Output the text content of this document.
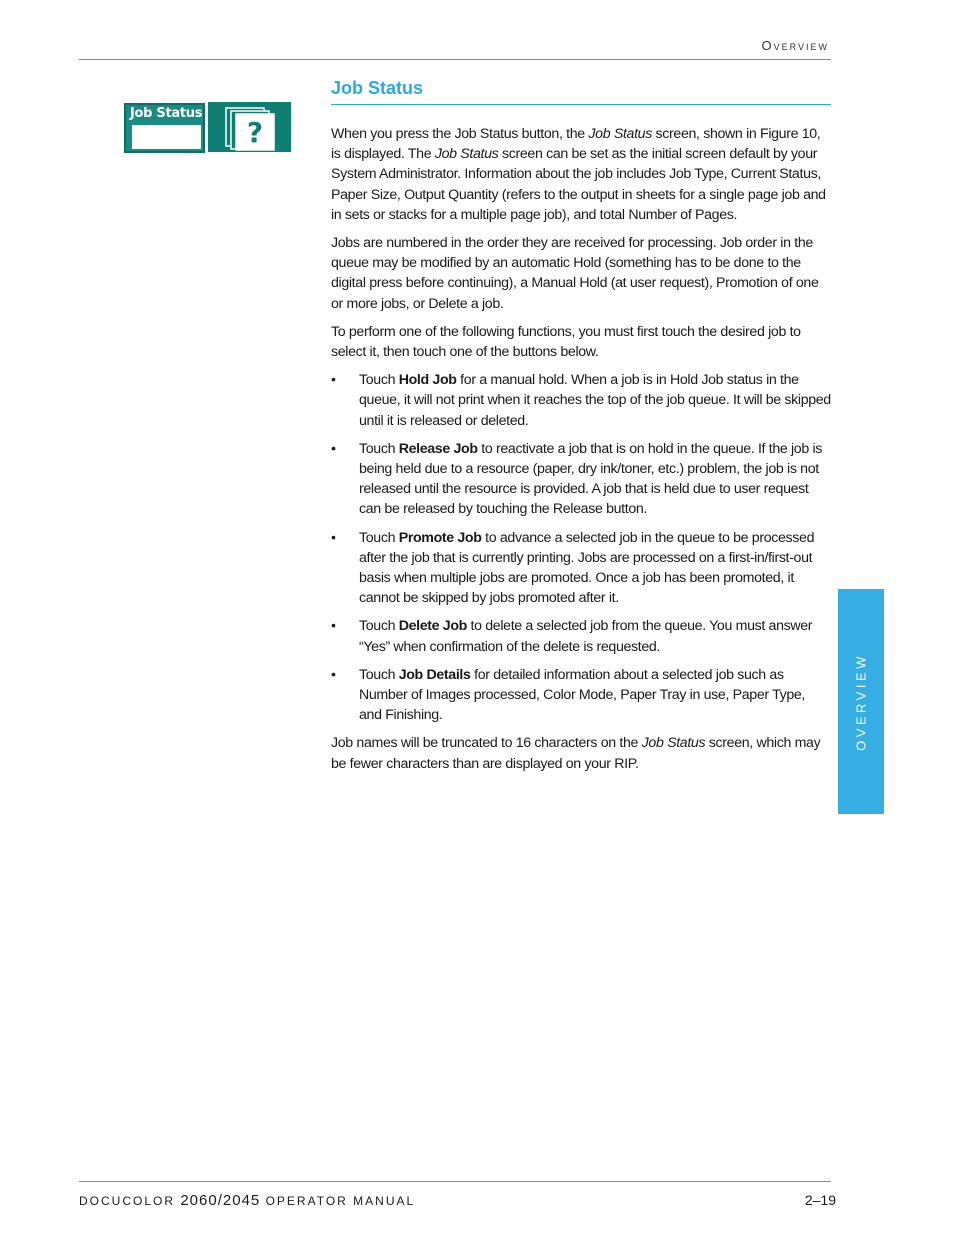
Overview
Job Status
?
Job Status

When you press the Job Status button, the Job Status screen, shown in Figure 10, is displayed. The Job Status screen can be set as the initial screen default by your System Administrator. Information about the job includes Job Type, Current Status, Paper Size, Output Quantity (refers to the output in sheets for a single page job and in sets or stacks for a multiple page job), and total Number of Pages.

Jobs are numbered in the order they are received for processing. Job order in the queue may be modified by an automatic Hold (something has to be done to the digital press before continuing), a Manual Hold (at user request), Promotion of one or more jobs, or Delete a job.

To perform one of the following functions, you must first touch the desired job to select it, then touch one of the buttons below.

• Touch Hold Job for a manual hold. When a job is in Hold Job status in the queue, it will not print when it reaches the top of the job queue. It will be skipped until it is released or deleted.
• Touch Release Job to reactivate a job that is on hold in the queue. If the job is being held due to a resource (paper, dry ink/toner, etc.) problem, the job is not released until the resource is provided. A job that is held due to user request can be released by touching the Release button.
• Touch Promote Job to advance a selected job in the queue to be processed after the job that is currently printing. Jobs are processed on a first-in/first-out basis when multiple jobs are promoted. Once a job has been promoted, it cannot be skipped by jobs promoted after it.
• Touch Delete Job to delete a selected job from the queue. You must answer “Yes” when confirmation of the delete is requested.
• Touch Job Details for detailed information about a selected job such as Number of Images processed, Color Mode, Paper Tray in use, Paper Type, and Finishing.

Job names will be truncated to 16 characters on the Job Status screen, which may be fewer characters than are displayed on your RIP.

OVERVIEW
DOCUCOLOR 2060/2045 OPERATOR MANUAL	2–19
